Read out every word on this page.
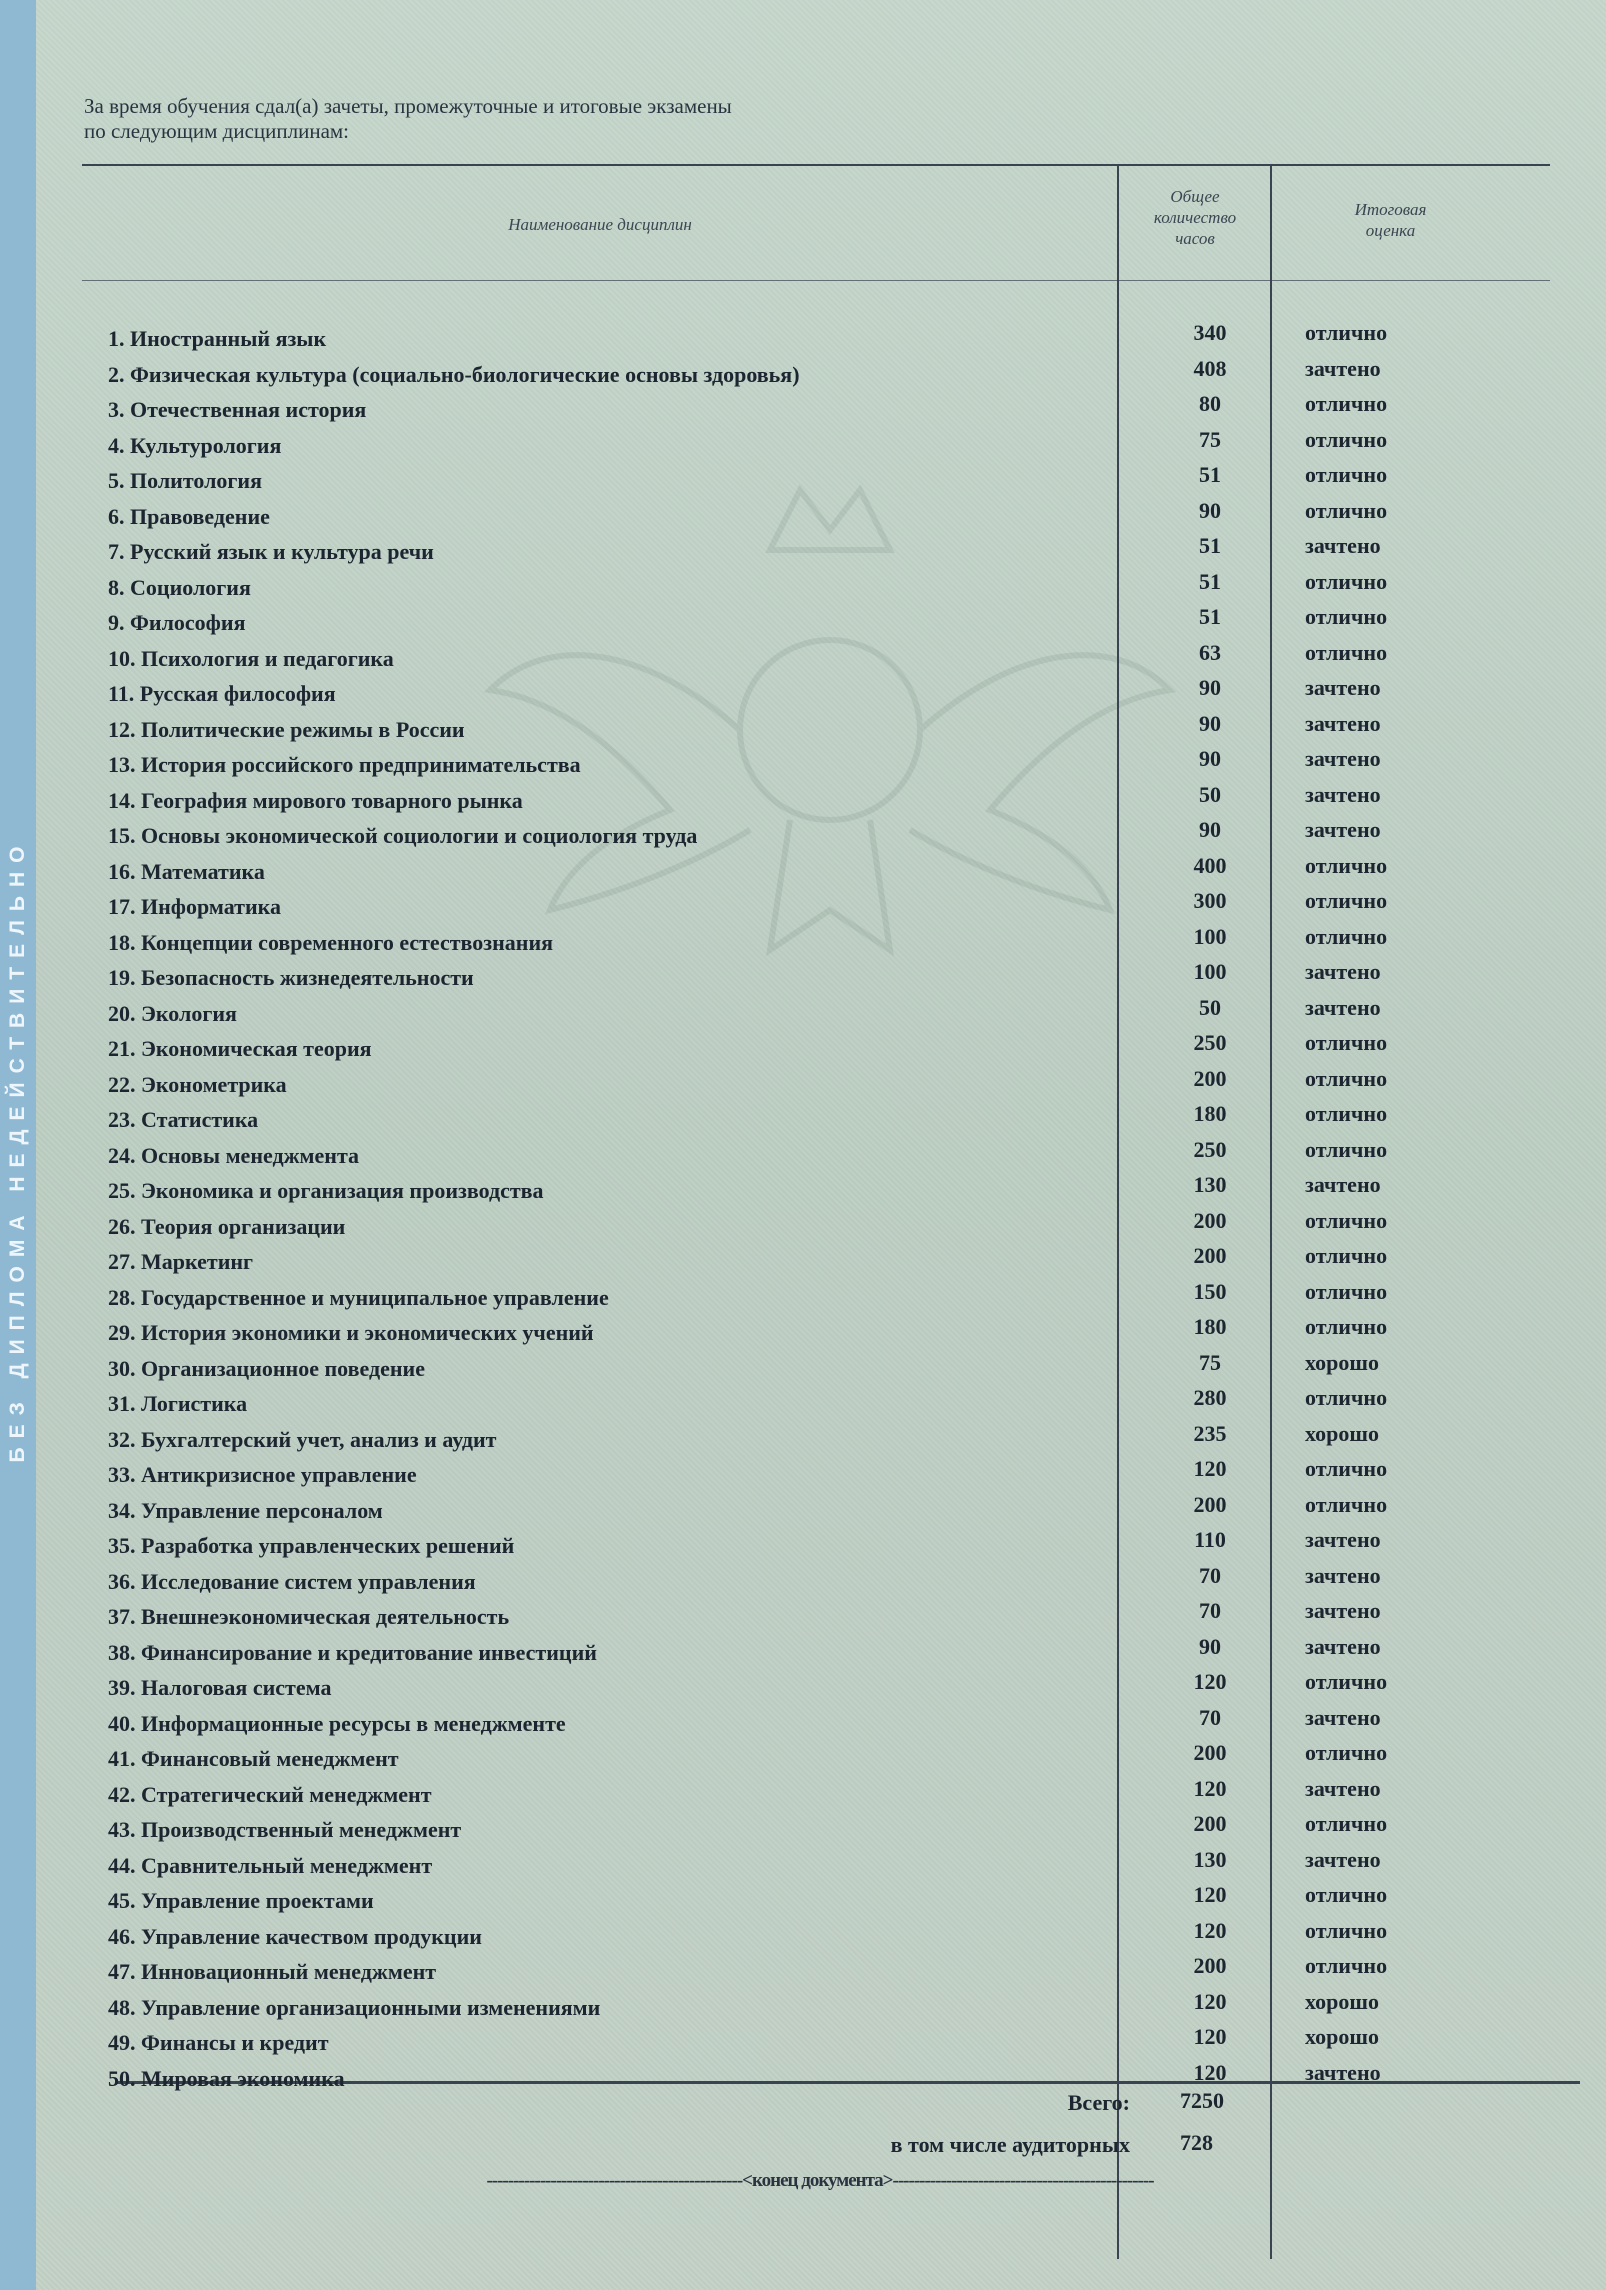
БЕЗ ДИПЛОМА НЕДЕЙСТВИТЕЛЬНО
За время обучения сдал(а) зачеты, промежуточные и итоговые экзамены
по следующим дисциплинам:
Наименование дисциплин
Общее
количество
часов
Итоговая
оценка
1. Иностранный язык	340	отлично
2. Физическая культура (социально-биологические основы здоровья)	408	зачтено
3. Отечественная история	80	отлично
4. Культурология	75	отлично
5. Политология	51	отлично
6. Правоведение	90	отлично
7. Русский язык и культура речи	51	зачтено
8. Социология	51	отлично
9. Философия	51	отлично
10. Психология и педагогика	63	отлично
11. Русская философия	90	зачтено
12. Политические режимы в России	90	зачтено
13. История российского предпринимательства	90	зачтено
14. География мирового товарного рынка	50	зачтено
15. Основы экономической социологии и социология труда	90	зачтено
16. Математика	400	отлично
17. Информатика	300	отлично
18. Концепции современного естествознания	100	отлично
19. Безопасность жизнедеятельности	100	зачтено
20. Экология	50	зачтено
21. Экономическая теория	250	отлично
22. Эконометрика	200	отлично
23. Статистика	180	отлично
24. Основы менеджмента	250	отлично
25. Экономика и организация производства	130	зачтено
26. Теория организации	200	отлично
27. Маркетинг	200	отлично
28. Государственное и муниципальное управление	150	отлично
29. История экономики и экономических учений	180	отлично
30. Организационное поведение	75	хорошо
31. Логистика	280	отлично
32. Бухгалтерский учет, анализ и аудит	235	хорошо
33. Антикризисное управление	120	отлично
34. Управление персоналом	200	отлично
35. Разработка управленческих решений	110	зачтено
36. Исследование систем управления	70	зачтено
37. Внешнеэкономическая деятельность	70	зачтено
38. Финансирование и кредитование инвестиций	90	зачтено
39. Налоговая система	120	отлично
40. Информационные ресурсы в менеджменте	70	зачтено
41. Финансовый менеджмент	200	отлично
42. Стратегический менеджмент	120	зачтено
43. Производственный менеджмент	200	отлично
44. Сравнительный менеджмент	130	зачтено
45. Управление проектами	120	отлично
46. Управление качеством продукции	120	отлично
47. Инновационный менеджмент	200	отлично
48. Управление организационными изменениями	120	хорошо
49. Финансы и кредит	120	хорошо
50. Мировая экономика	120	зачтено
Всего: 7250
в том числе аудиторных 728
------------------------------------------------<конец документа>-------------------------------------------------
